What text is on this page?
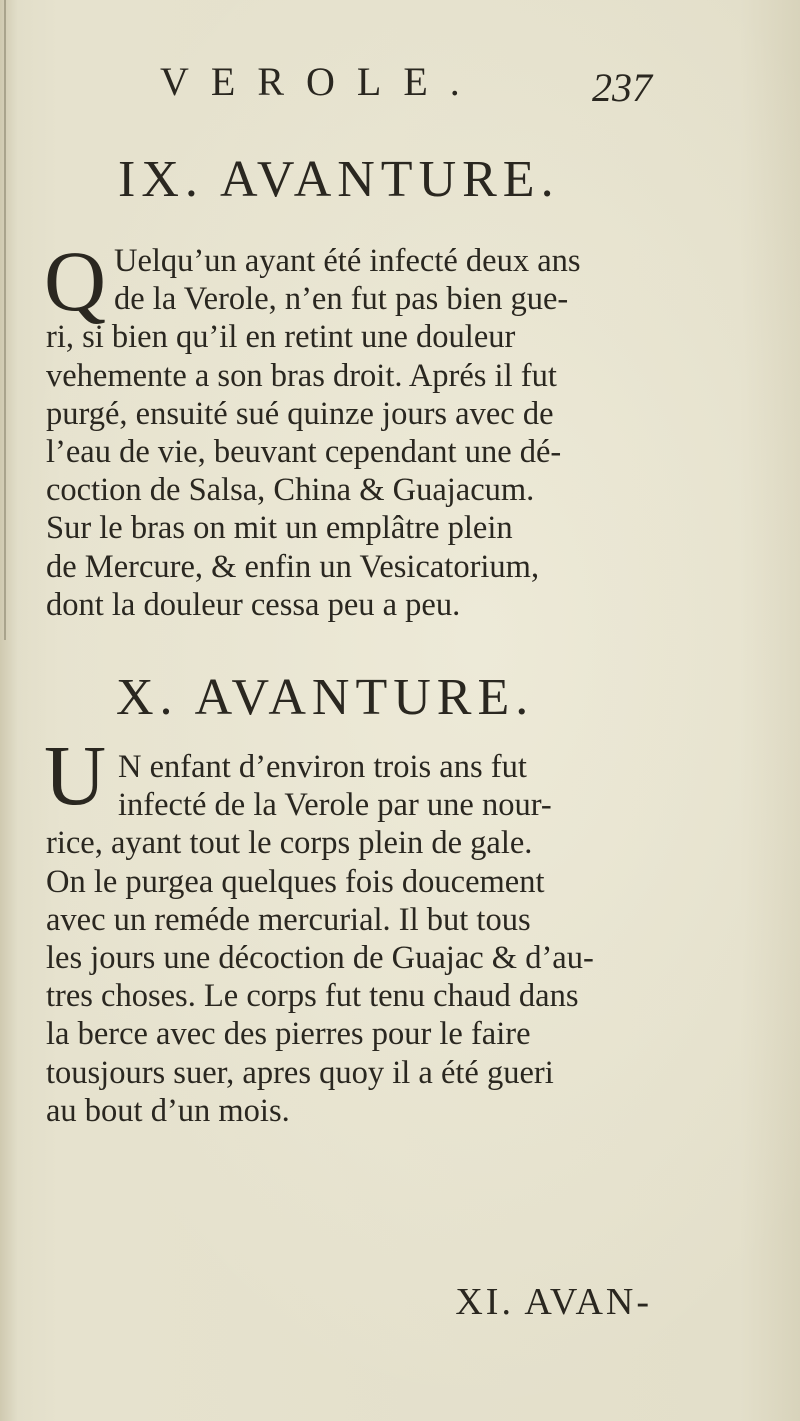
VEROLE.	237
IX. AVANTURE.
Q Uelqu’un ayant été infecté deux ans
de la Verole, n’en fut pas bien gue-
ri, si bien qu’il en retint une douleur
vehemente a son bras droit. Aprés il fut
purgé, ensuité sué quinze jours avec de
l’eau de vie, beuvant cependant une dé-
coction de Salsa, China & Guajacum.
Sur le bras on mit un emplâtre plein
de Mercure, & enfin un Vesicatorium,
dont la douleur cessa peu a peu.
X. AVANTURE.
U N enfant d’environ trois ans fut
infecté de la Verole par une nour-
rice, ayant tout le corps plein de gale.
On le purgea quelques fois doucement
avec un reméde mercurial. Il but tous
les jours une décoction de Guajac & d’au-
tres choses. Le corps fut tenu chaud dans
la berce avec des pierres pour le faire
tousjours suer, apres quoy il a été gueri
au bout d’un mois.
XI. AVAN-
